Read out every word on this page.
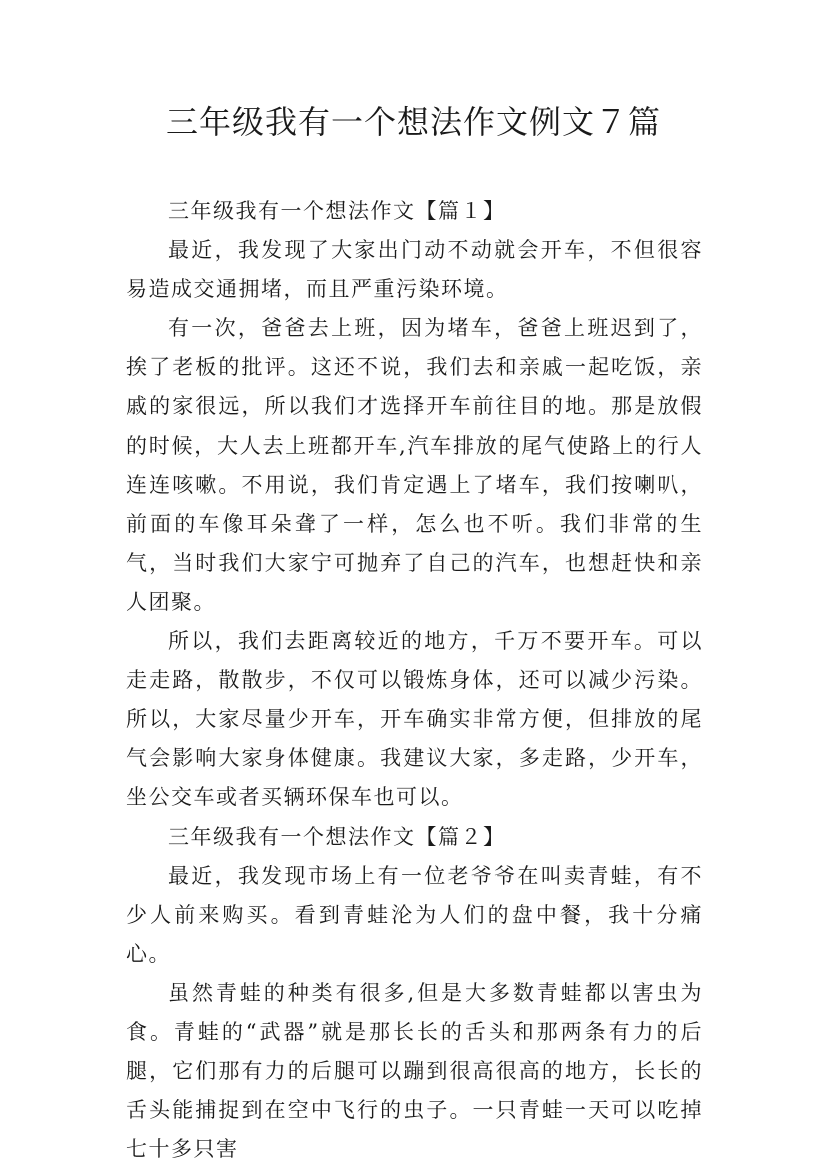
三年级我有一个想法作文例文７篇

三年级我有一个想法作文【篇１】

最近，我发现了大家出门动不动就会开车，不但很容易造成交通拥堵，而且严重污染环境。

有一次，爸爸去上班，因为堵车，爸爸上班迟到了，挨了老板的批评。这还不说，我们去和亲戚一起吃饭，亲戚的家很远，所以我们才选择开车前往目的地。那是放假的时候，大人去上班都开车,汽车排放的尾气使路上的行人连连咳嗽。不用说，我们肯定遇上了堵车，我们按喇叭，前面的车像耳朵聋了一样，怎么也不听。我们非常的生气，当时我们大家宁可抛弃了自己的汽车，也想赶快和亲人团聚。

所以，我们去距离较近的地方，千万不要开车。可以走走路，散散步，不仅可以锻炼身体，还可以减少污染。所以，大家尽量少开车，开车确实非常方便，但排放的尾气会影响大家身体健康。我建议大家，多走路，少开车，坐公交车或者买辆环保车也可以。

三年级我有一个想法作文【篇２】

最近，我发现市场上有一位老爷爷在叫卖青蛙，有不少人前来购买。看到青蛙沦为人们的盘中餐，我十分痛心。

虽然青蛙的种类有很多,但是大多数青蛙都以害虫为食。青蛙的“武器”就是那长长的舌头和那两条有力的后腿，它们那有力的后腿可以蹦到很高很高的地方，长长的舌头能捕捉到在空中飞行的虫子。一只青蛙一天可以吃掉七十多只害
